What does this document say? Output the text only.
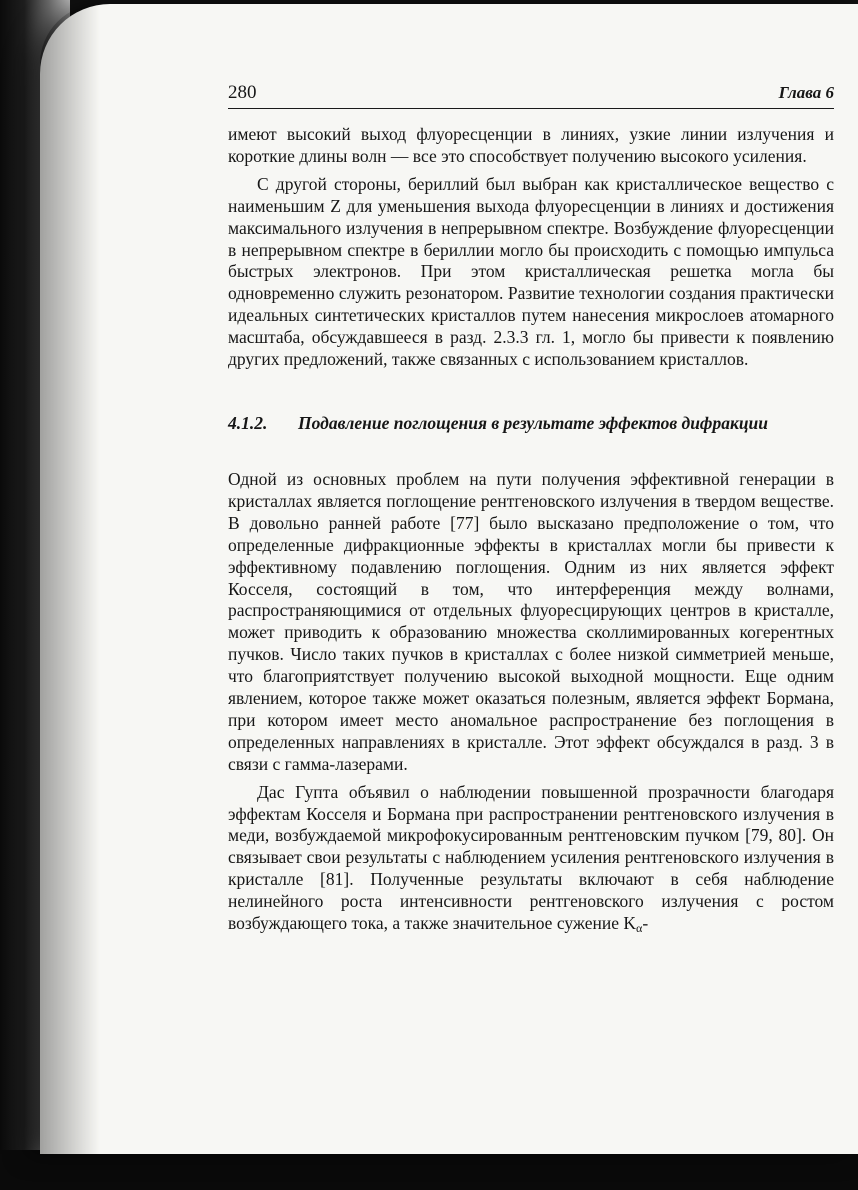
280	Глава 6

имеют высокий выход флуоресценции в линиях, узкие линии излучения и короткие длины волн — все это способствует получению высокого усиления.

С другой стороны, бериллий был выбран как кристаллическое вещество с наименьшим Z для уменьшения выхода флуоресценции в линиях и достижения максимального излучения в непрерывном спектре. Возбуждение флуоресценции в непрерывном спектре в бериллии могло бы происходить с помощью импульса быстрых электронов. При этом кристаллическая решетка могла бы одновременно служить резонатором. Развитие технологии создания практически идеальных синтетических кристаллов путем нанесения микрослоев атомарного масштаба, обсуждавшееся в разд. 2.3.3 гл. 1, могло бы привести к появлению других предложений, также связанных с использованием кристаллов.

4.1.2.	Подавление поглощения в результате эффектов дифракции

Одной из основных проблем на пути получения эффективной генерации в кристаллах является поглощение рентгеновского излучения в твердом веществе. В довольно ранней работе [77] было высказано предположение о том, что определенные дифракционные эффекты в кристаллах могли бы привести к эффективному подавлению поглощения. Одним из них является эффект Косселя, состоящий в том, что интерференция между волнами, распространяющимися от отдельных флуоресцирующих центров в кристалле, может приводить к образованию множества сколлимированных когерентных пучков. Число таких пучков в кристаллах с более низкой симметрией меньше, что благоприятствует получению высокой выходной мощности. Еще одним явлением, которое также может оказаться полезным, является эффект Бормана, при котором имеет место аномальное распространение без поглощения в определенных направлениях в кристалле. Этот эффект обсуждался в разд. 3 в связи с гамма-лазерами.

Дас Гупта объявил о наблюдении повышенной прозрачности благодаря эффектам Косселя и Бормана при распространении рентгеновского излучения в меди, возбуждаемой микрофокусированным рентгеновским пучком [79, 80]. Он связывает свои результаты с наблюдением усиления рентгеновского излучения в кристалле [81]. Полученные результаты включают в себя наблюдение нелинейного роста интенсивности рентгеновского излучения с ростом возбуждающего тока, а также значительное сужение $K_\alpha-$
